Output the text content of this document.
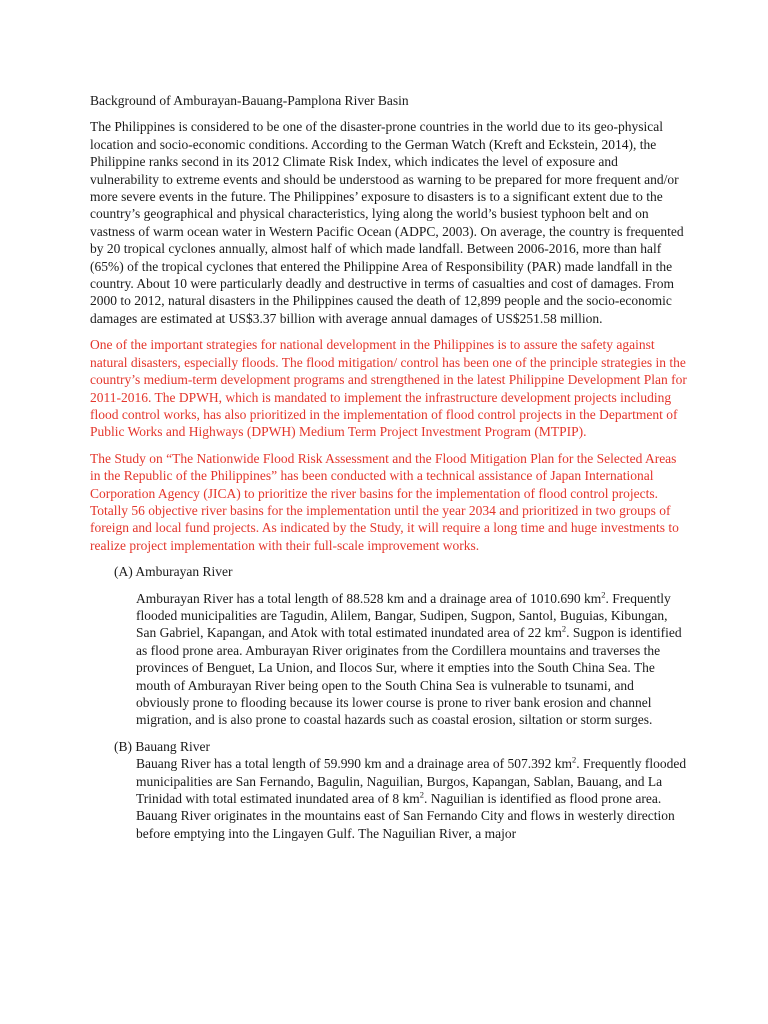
Background of Amburayan-Bauang-Pamplona River Basin

The Philippines is considered to be one of the disaster-prone countries in the world due to its geo-physical location and socio-economic conditions. According to the German Watch (Kreft and Eckstein, 2014), the Philippine ranks second in its 2012 Climate Risk Index, which indicates the level of exposure and vulnerability to extreme events and should be understood as warning to be prepared for more frequent and/or more severe events in the future. The Philippines’ exposure to disasters is to a significant extent due to the country’s geographical and physical characteristics, lying along the world’s busiest typhoon belt and on vastness of warm ocean water in Western Pacific Ocean (ADPC, 2003). On average, the country is frequented by 20 tropical cyclones annually, almost half of which made landfall. Between 2006-2016, more than half (65%) of the tropical cyclones that entered the Philippine Area of Responsibility (PAR) made landfall in the country. About 10 were particularly deadly and destructive in terms of casualties and cost of damages. From 2000 to 2012, natural disasters in the Philippines caused the death of 12,899 people and the socio-economic damages are estimated at US$3.37 billion with average annual damages of US$251.58 million.

One of the important strategies for national development in the Philippines is to assure the safety against natural disasters, especially floods. The flood mitigation/ control has been one of the principle strategies in the country’s medium-term development programs and strengthened in the latest Philippine Development Plan for 2011-2016. The DPWH, which is mandated to implement the infrastructure development projects including flood control works, has also prioritized in the implementation of flood control projects in the Department of Public Works and Highways (DPWH) Medium Term Project Investment Program (MTPIP).

The Study on “The Nationwide Flood Risk Assessment and the Flood Mitigation Plan for the Selected Areas in the Republic of the Philippines” has been conducted with a technical assistance of Japan International Corporation Agency (JICA) to prioritize the river basins for the implementation of flood control projects. Totally 56 objective river basins for the implementation until the year 2034 and prioritized in two groups of foreign and local fund projects. As indicated by the Study, it will require a long time and huge investments to realize project implementation with their full-scale improvement works.

(A) Amburayan River

Amburayan River has a total length of 88.528 km and a drainage area of 1010.690 $km^2$. Frequently flooded municipalities are Tagudin, Alilem, Bangar, Sudipen, Sugpon, Santol, Buguias, Kibungan, San Gabriel, Kapangan, and Atok with total estimated inundated area of 22 $km^2$. Sugpon is identified as flood prone area. Amburayan River originates from the Cordillera mountains and traverses the provinces of Benguet, La Union, and Ilocos Sur, where it empties into the South China Sea. The mouth of Amburayan River being open to the South China Sea is vulnerable to tsunami, and obviously prone to flooding because its lower course is prone to river bank erosion and channel migration, and is also prone to coastal hazards such as coastal erosion, siltation or storm surges.

(B) Bauang River

Bauang River has a total length of 59.990 km and a drainage area of 507.392 $km^2$. Frequently flooded municipalities are San Fernando, Bagulin, Naguilian, Burgos, Kapangan, Sablan, Bauang, and La Trinidad with total estimated inundated area of 8 $km^2$. Naguilian is identified as flood prone area. Bauang River originates in the mountains east of San Fernando City and flows in westerly direction before emptying into the Lingayen Gulf. The Naguilian River, a major
